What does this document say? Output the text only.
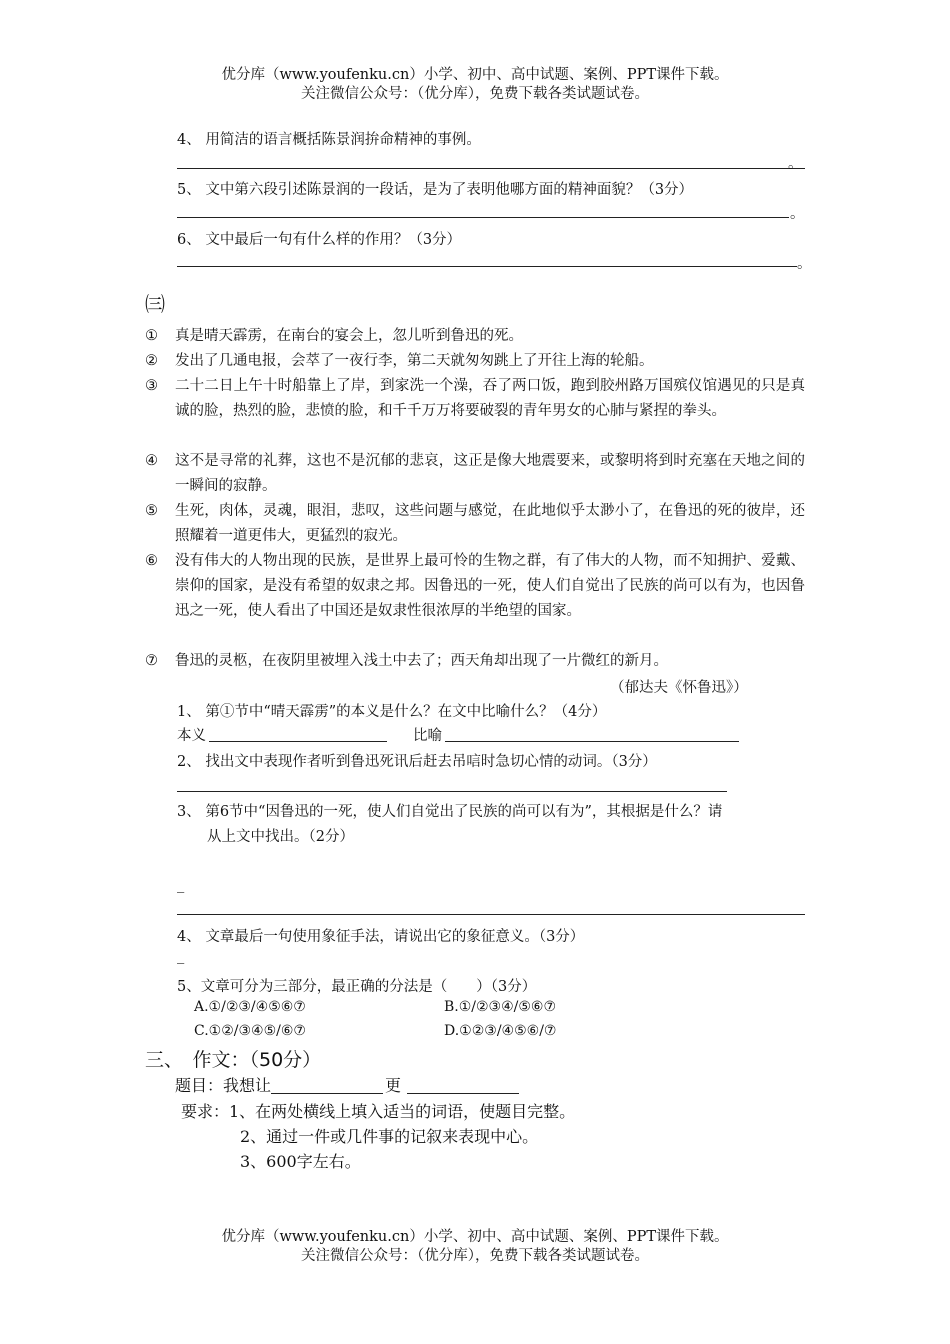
优分库（www.youfenku.cn）小学、初中、高中试题、案例、PPT课件下载。
关注微信公众号：（优分库），免费下载各类试题试卷。
4、 用简洁的语言概括陈景润拚命精神的事例。
。
5、 文中第六段引述陈景润的一段话，是为了表明他哪方面的精神面貌？（3分）
。
6、 文中最后一句有什么样的作用？（3分）
。
㈢
① 真是晴天霹雳，在南台的宴会上，忽儿听到鲁迅的死。
② 发出了几通电报，会萃了一夜行李，第二天就匆匆跳上了开往上海的轮船。
③ 二十二日上午十时船靠上了岸，到家洗一个澡，吞了两口饭，跑到胶州路万国殡仪馆遇见的只是真诚的脸，热烈的脸，悲愤的脸，和千千万万将要破裂的青年男女的心肺与紧捏的拳头。
④ 这不是寻常的礼葬，这也不是沉郁的悲哀，这正是像大地震要来，或黎明将到时充塞在天地之间的一瞬间的寂静。
⑤ 生死，肉体，灵魂，眼泪，悲叹，这些问题与感觉，在此地似乎太渺小了，在鲁迅的死的彼岸，还照耀着一道更伟大，更猛烈的寂光。
⑥ 没有伟大的人物出现的民族，是世界上最可怜的生物之群，有了伟大的人物，而不知拥护、爱戴、崇仰的国家，是没有希望的奴隶之邦。因鲁迅的一死，使人们自觉出了民族的尚可以有为，也因鲁迅之一死，使人看出了中国还是奴隶性很浓厚的半绝望的国家。
⑦ 鲁迅的灵柩，在夜阴里被埋入浅土中去了；西天角却出现了一片微红的新月。
（郁达夫《怀鲁迅》）
1、 第①节中“晴天霹雳”的本义是什么？在文中比喻什么？（4分）
本义	比喻
2、 找出文中表现作者听到鲁迅死讯后赶去吊唁时急切心情的动词。（3分）
3、 第6节中“因鲁迅的一死，使人们自觉出了民族的尚可以有为”，其根据是什么？请
从上文中找出。（2分）
_
4、 文章最后一句使用象征手法，请说出它的象征意义。（3分）
_
5、文章可分为三部分，最正确的分法是（　　）（3分）
A.①/②③/④⑤⑥⑦	B.①/②③④/⑤⑥⑦
C.①②/③④⑤/⑥⑦	D.①②③/④⑤⑥/⑦
三、　作文：（50分）
题目：我想让	更
要求：1、在两处横线上填入适当的词语，使题目完整。
2、通过一件或几件事的记叙来表现中心。
3、600字左右。
优分库（www.youfenku.cn）小学、初中、高中试题、案例、PPT课件下载。
关注微信公众号：（优分库），免费下载各类试题试卷。
